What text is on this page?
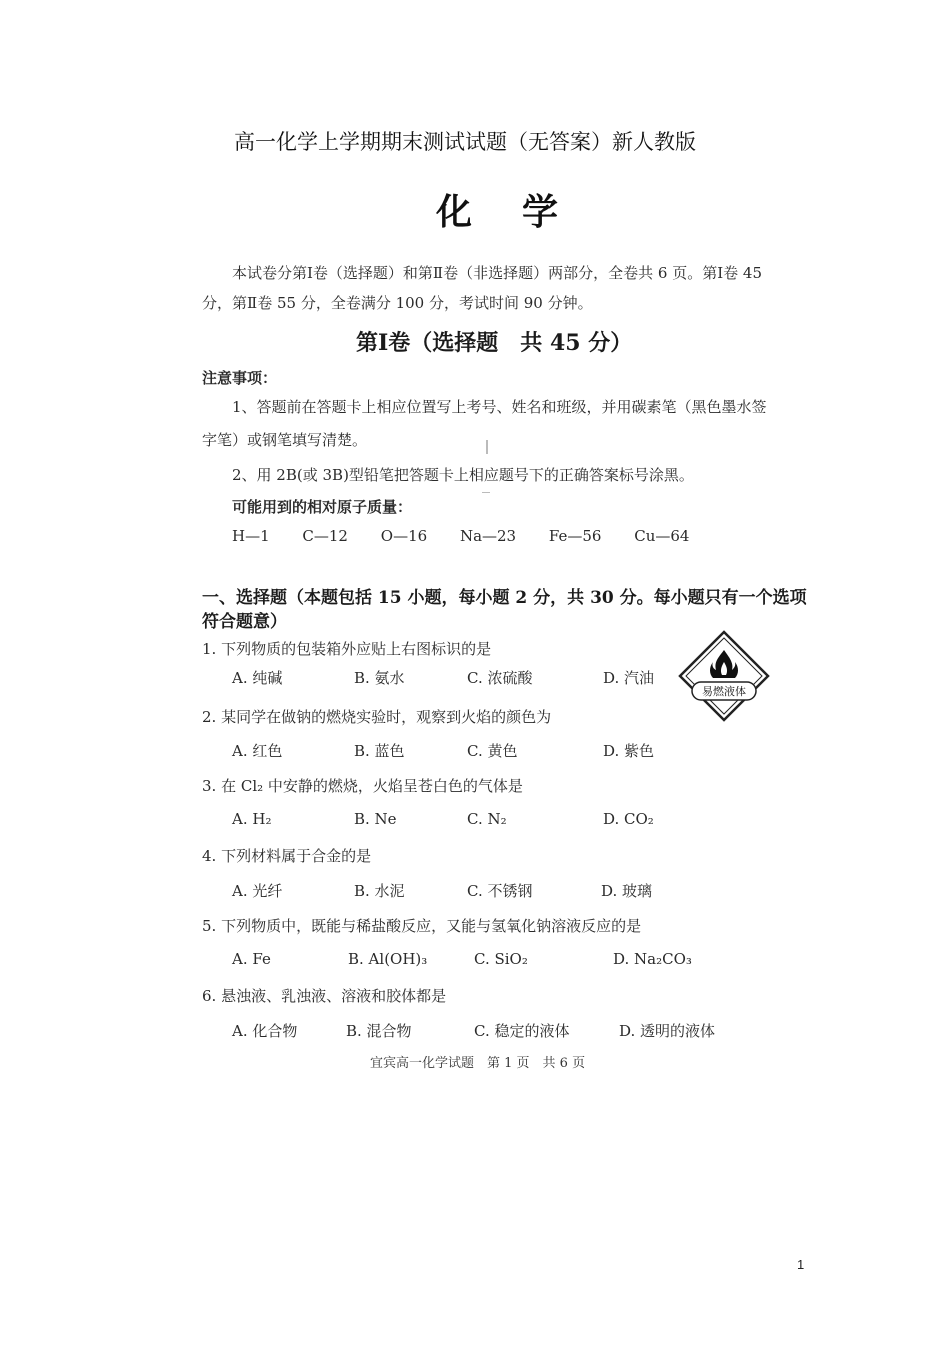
高一化学上学期期末测试试题（无答案）新人教版
化学
本试卷分第Ⅰ卷（选择题）和第Ⅱ卷（非选择题）两部分，全卷共 6 页。第Ⅰ卷 45
分，第Ⅱ卷 55 分，全卷满分 100 分，考试时间 90 分钟。
第Ⅰ卷（选择题　共 45 分）
注意事项：
1、答题前在答题卡上相应位置写上考号、姓名和班级，并用碳素笔（黑色墨水签
字笔）或钢笔填写清楚。
2、用 2B(或 3B)型铅笔把答题卡上相应题号下的正确答案标号涂黑。
可能用到的相对原子质量：
H—1 C—12 O—16 Na—23 Fe—56 Cu—64
一、选择题（本题包括 15 小题，每小题 2 分，共 30 分。每小题只有一个选项符合题意）
1. 下列物质的包装箱外应贴上右图标识的是
A. 纯碱	B. 氨水	C. 浓硫酸	D. 汽油
易燃液体
2. 某同学在做钠的燃烧实验时，观察到火焰的颜色为
A. 红色	B. 蓝色	C. 黄色	D. 紫色
3. 在 Cl₂ 中安静的燃烧，火焰呈苍白色的气体是
A. H₂	B. Ne	C. N₂	D. CO₂
4. 下列材料属于合金的是
A. 光纤	B. 水泥	C. 不锈钢	D. 玻璃
5. 下列物质中，既能与稀盐酸反应，又能与氢氧化钠溶液反应的是
A. Fe	B. Al(OH)₃	C. SiO₂	D. Na₂CO₃
6. 悬浊液、乳浊液、溶液和胶体都是
A. 化合物	B. 混合物	C. 稳定的液体	D. 透明的液体
宜宾高一化学试题　第 1 页　共 6 页
1
